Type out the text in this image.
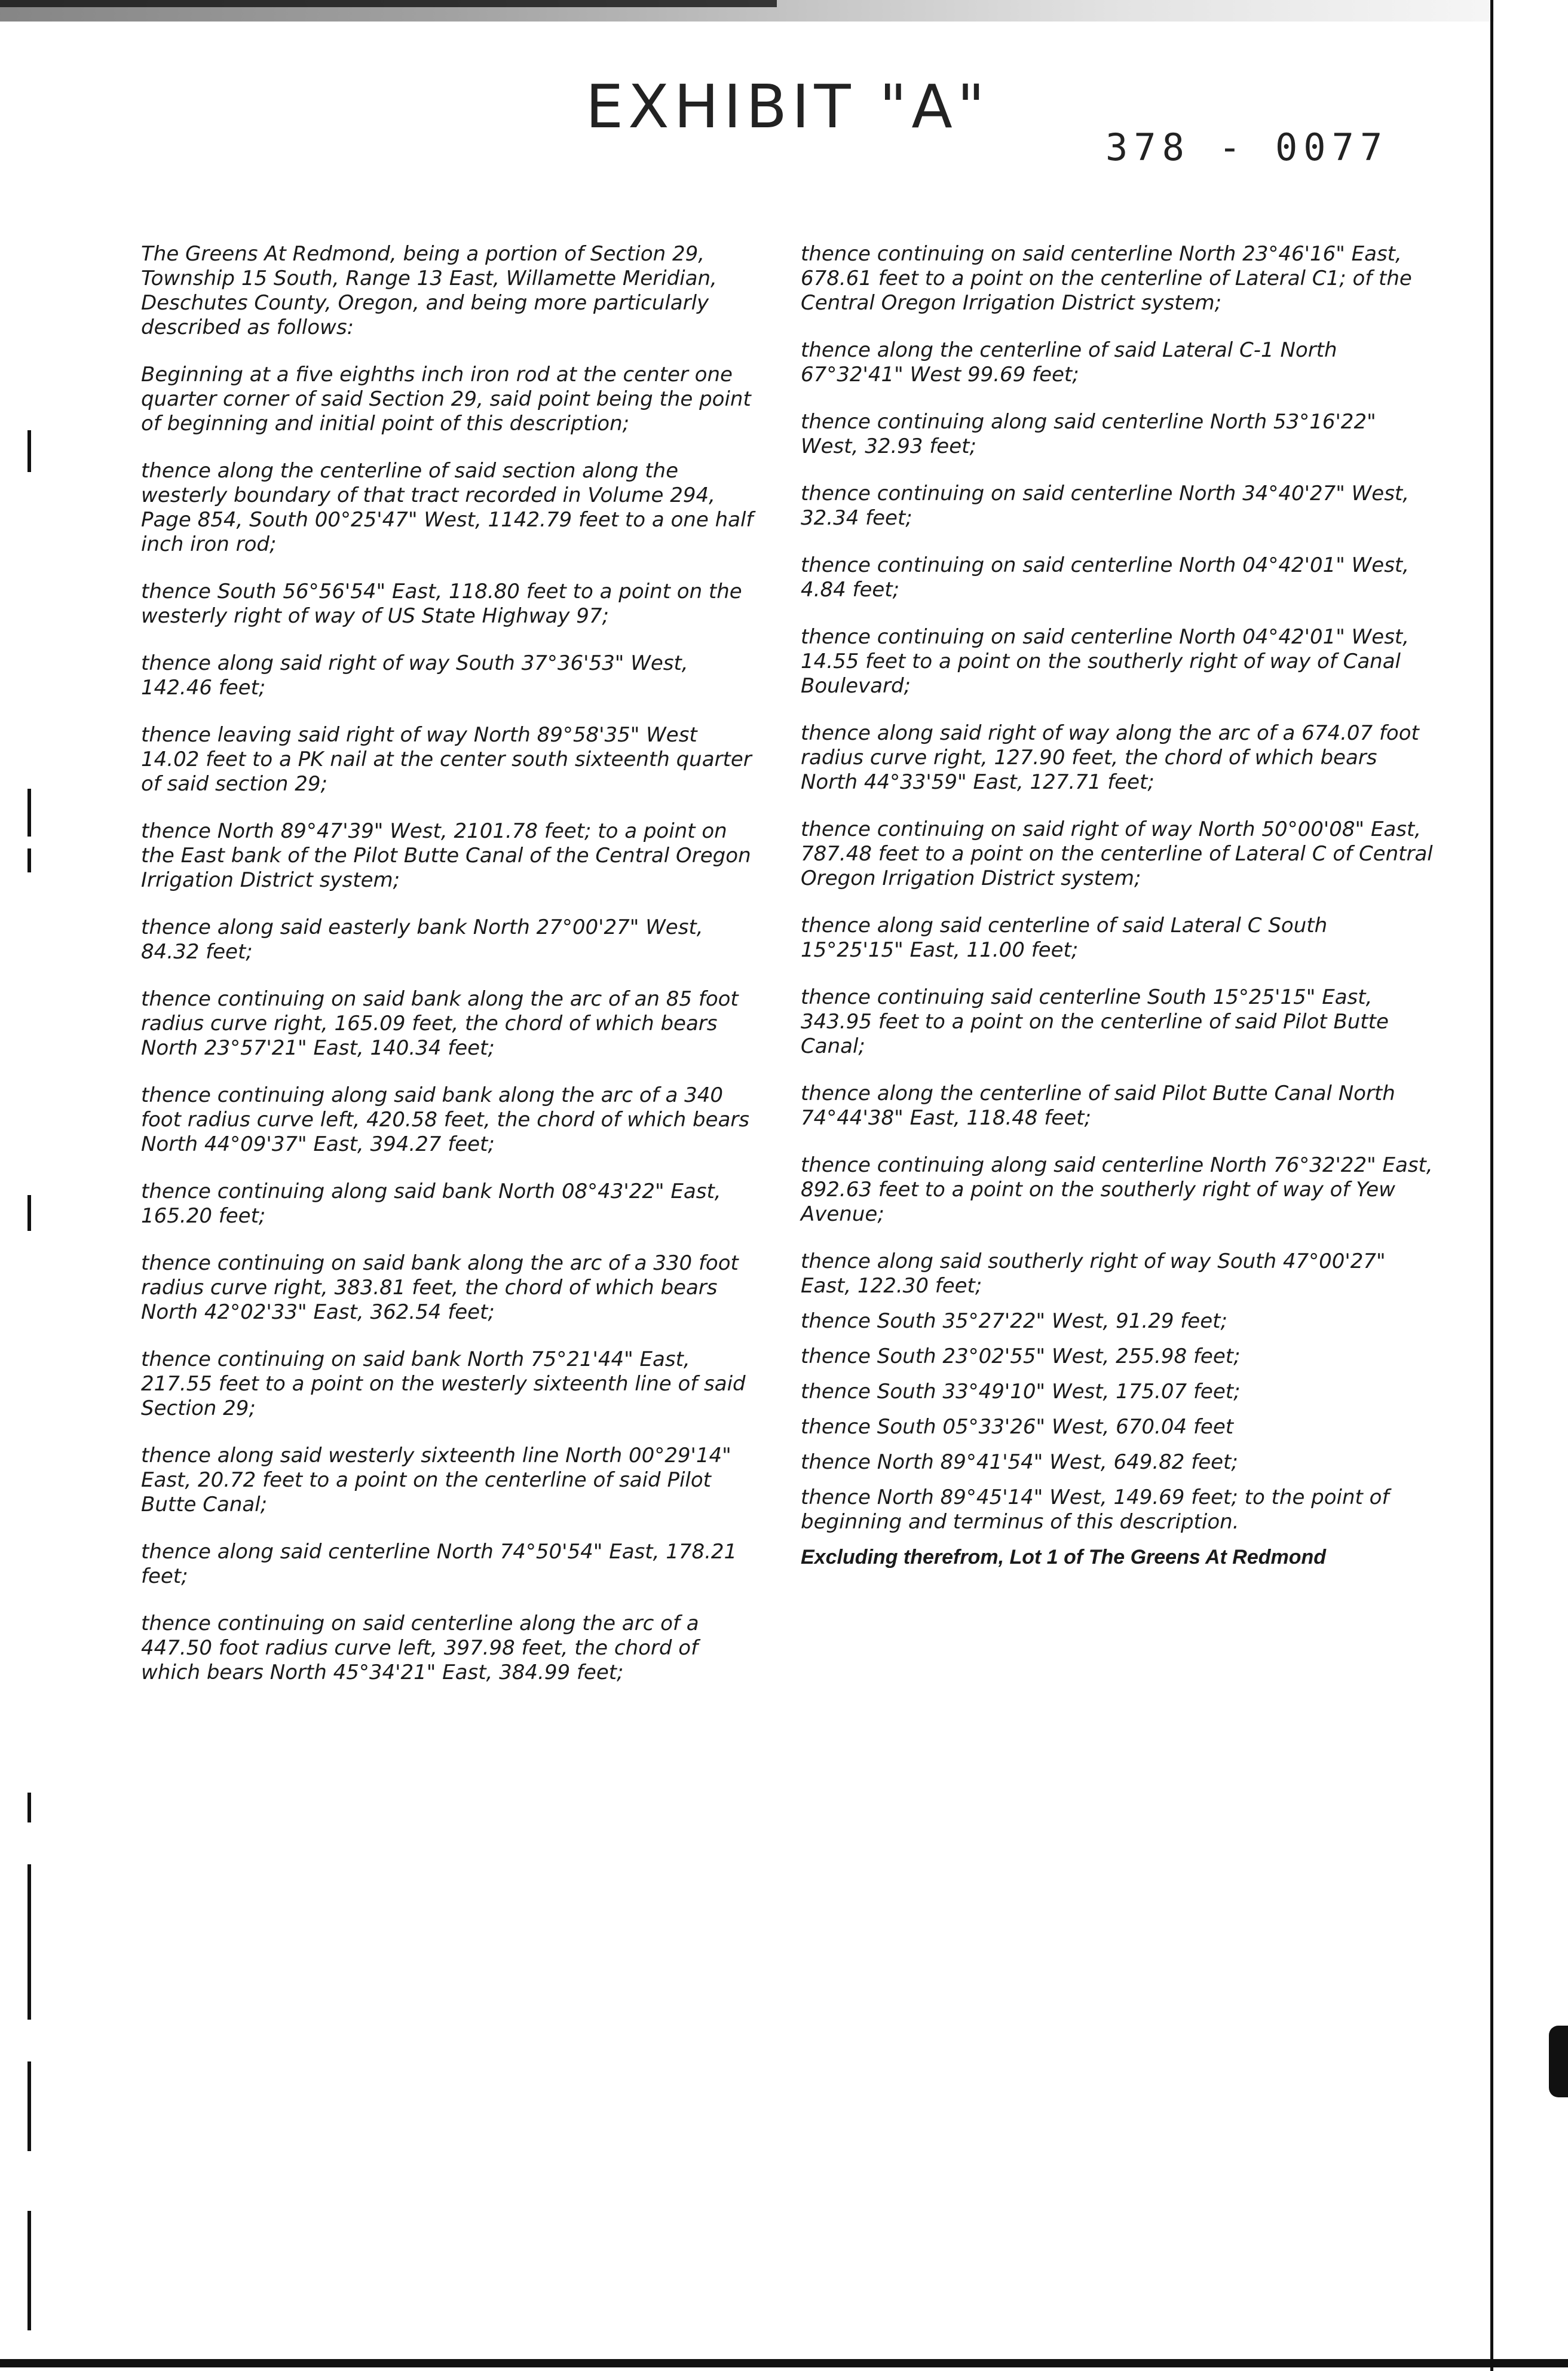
EXHIBIT "A"
378 - 0077

The Greens At Redmond, being a portion of Section 29, Township 15 South, Range 13 East, Willamette Meridian, Deschutes County, Oregon, and being more particularly described as follows:

Beginning at a five eighths inch iron rod at the center one quarter corner of said Section 29, said point being the point of beginning and initial point of this description;

thence along the centerline of said section along the westerly boundary of that tract recorded in Volume 294, Page 854, South 00°25'47" West, 1142.79 feet to a one half inch iron rod;

thence South 56°56'54" East, 118.80 feet to a point on the westerly right of way of US State Highway 97;

thence along said right of way South 37°36'53" West, 142.46 feet;

thence leaving said right of way North 89°58'35" West 14.02 feet to a PK nail at the center south sixteenth quarter of said section 29;

thence North 89°47'39" West, 2101.78 feet; to a point on the East bank of the Pilot Butte Canal of the Central Oregon Irrigation District system;

thence along said easterly bank North 27°00'27" West, 84.32 feet;

thence continuing on said bank along the arc of an 85 foot radius curve right, 165.09 feet, the chord of which bears North 23°57'21" East, 140.34 feet;

thence continuing along said bank along the arc of a 340 foot radius curve left, 420.58 feet, the chord of which bears North 44°09'37" East, 394.27 feet;

thence continuing along said bank North 08°43'22" East, 165.20 feet;

thence continuing on said bank along the arc of a 330 foot radius curve right, 383.81 feet, the chord of which bears North 42°02'33" East, 362.54 feet;

thence continuing on said bank North 75°21'44" East, 217.55 feet to a point on the westerly sixteenth line of said Section 29;

thence along said westerly sixteenth line North 00°29'14" East, 20.72 feet to a point on the centerline of said Pilot Butte Canal;

thence along said centerline North 74°50'54" East, 178.21 feet;

thence continuing on said centerline along the arc of a 447.50 foot radius curve left, 397.98 feet, the chord of which bears North 45°34'21" East, 384.99 feet;

thence continuing on said centerline North 23°46'16" East, 678.61 feet to a point on the centerline of Lateral C1; of the Central Oregon Irrigation District system;

thence along the centerline of said Lateral C-1 North 67°32'41" West 99.69 feet;

thence continuing along said centerline North 53°16'22" West, 32.93 feet;

thence continuing on said centerline North 34°40'27" West, 32.34 feet;

thence continuing on said centerline North 04°42'01" West, 4.84 feet;

thence continuing on said centerline North 04°42'01" West, 14.55 feet to a point on the southerly right of way of Canal Boulevard;

thence along said right of way along the arc of a 674.07 foot radius curve right, 127.90 feet, the chord of which bears North 44°33'59" East, 127.71 feet;

thence continuing on said right of way North 50°00'08" East, 787.48 feet to a point on the centerline of Lateral C of Central Oregon Irrigation District system;

thence along said centerline of said Lateral C South 15°25'15" East, 11.00 feet;

thence continuing said centerline South 15°25'15" East, 343.95 feet to a point on the centerline of said Pilot Butte Canal;

thence along the centerline of said Pilot Butte Canal North 74°44'38" East, 118.48 feet;

thence continuing along said centerline North 76°32'22" East, 892.63 feet to a point on the southerly right of way of Yew Avenue;

thence along said southerly right of way South 47°00'27" East, 122.30 feet;

thence South 35°27'22" West, 91.29 feet;

thence South 23°02'55" West, 255.98 feet;

thence South 33°49'10" West, 175.07 feet;

thence South 05°33'26" West, 670.04 feet

thence North 89°41'54" West, 649.82 feet;

thence North 89°45'14" West, 149.69 feet; to the point of beginning and terminus of this description.

Excluding therefrom, Lot 1 of The Greens At Redmond
